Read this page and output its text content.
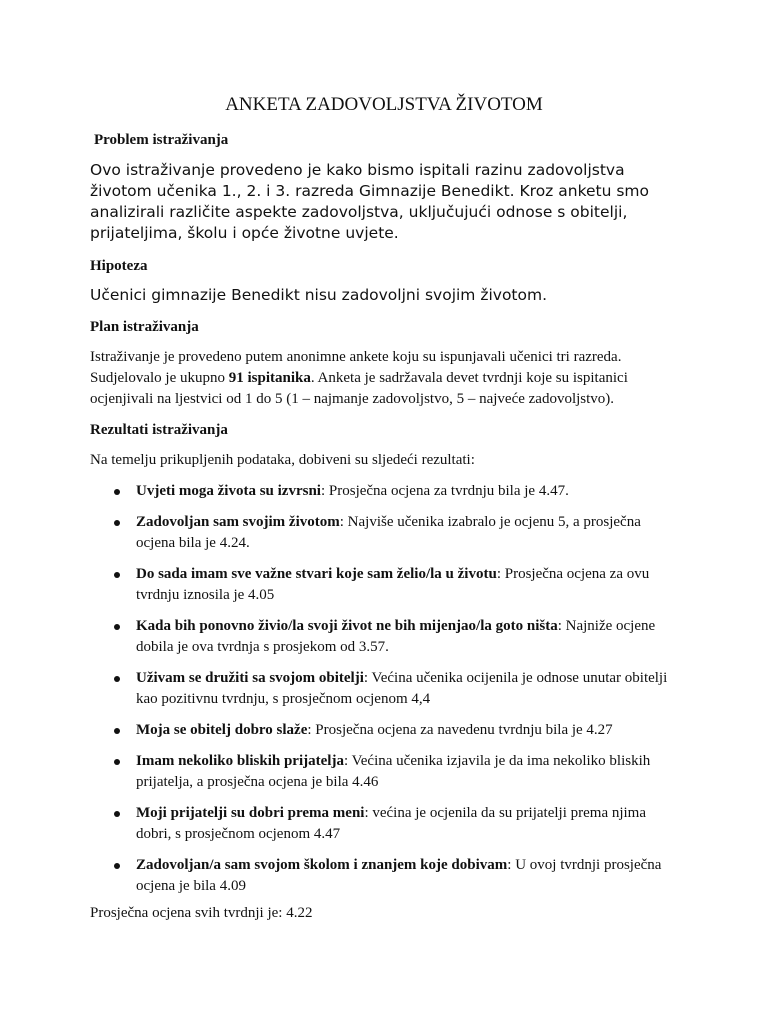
ANKETA ZADOVOLJSTVA ŽIVOTOM
Problem istraživanja

Ovo istraživanje provedeno je kako bismo ispitali razinu zadovoljstva životom učenika 1., 2. i 3. razreda Gimnazije Benedikt. Kroz anketu smo analizirali različite aspekte zadovoljstva, uključujući odnose s obitelji, prijateljima, školu i opće životne uvjete.

Hipoteza

Učenici gimnazije Benedikt nisu zadovoljni svojim životom.

Plan istraživanja

Istraživanje je provedeno putem anonimne ankete koju su ispunjavali učenici tri razreda. Sudjelovalo je ukupno 91 ispitanika. Anketa je sadržavala devet tvrdnji koje su ispitanici ocjenjivali na ljestvici od 1 do 5 (1 – najmanje zadovoljstvo, 5 – najveće zadovoljstvo).

Rezultati istraživanja

Na temelju prikupljenih podataka, dobiveni su sljedeći rezultati:

Uvjeti moga života su izvrsni: Prosječna ocjena za tvrdnju bila je 4.47.
Zadovoljan sam svojim životom: Najviše učenika izabralo je ocjenu 5, a prosječna ocjena bila je 4.24.
Do sada imam sve važne stvari koje sam želio/la u životu: Prosječna ocjena za ovu tvrdnju iznosila je 4.05
Kada bih ponovno živio/la svoji život ne bih mijenjao/la goto ništa: Najniže ocjene dobila je ova tvrdnja s prosjekom od 3.57.
Uživam se družiti sa svojom obitelji: Većina učenika ocijenila je odnose unutar obitelji kao pozitivnu tvrdnju, s prosječnom ocjenom 4,4
Moja se obitelj dobro slaže: Prosječna ocjena za navedenu tvrdnju bila je 4.27
Imam nekoliko bliskih prijatelja: Većina učenika izjavila je da ima nekoliko bliskih prijatelja, a prosječna ocjena je bila 4.46
Moji prijatelji su dobri prema meni: većina je ocjenila da su prijatelji prema njima dobri, s prosječnom ocjenom 4.47
Zadovoljan/a sam svojom školom i znanjem koje dobivam: U ovoj tvrdnji prosječna ocjena je bila 4.09

Prosječna ocjena svih tvrdnji je: 4.22
